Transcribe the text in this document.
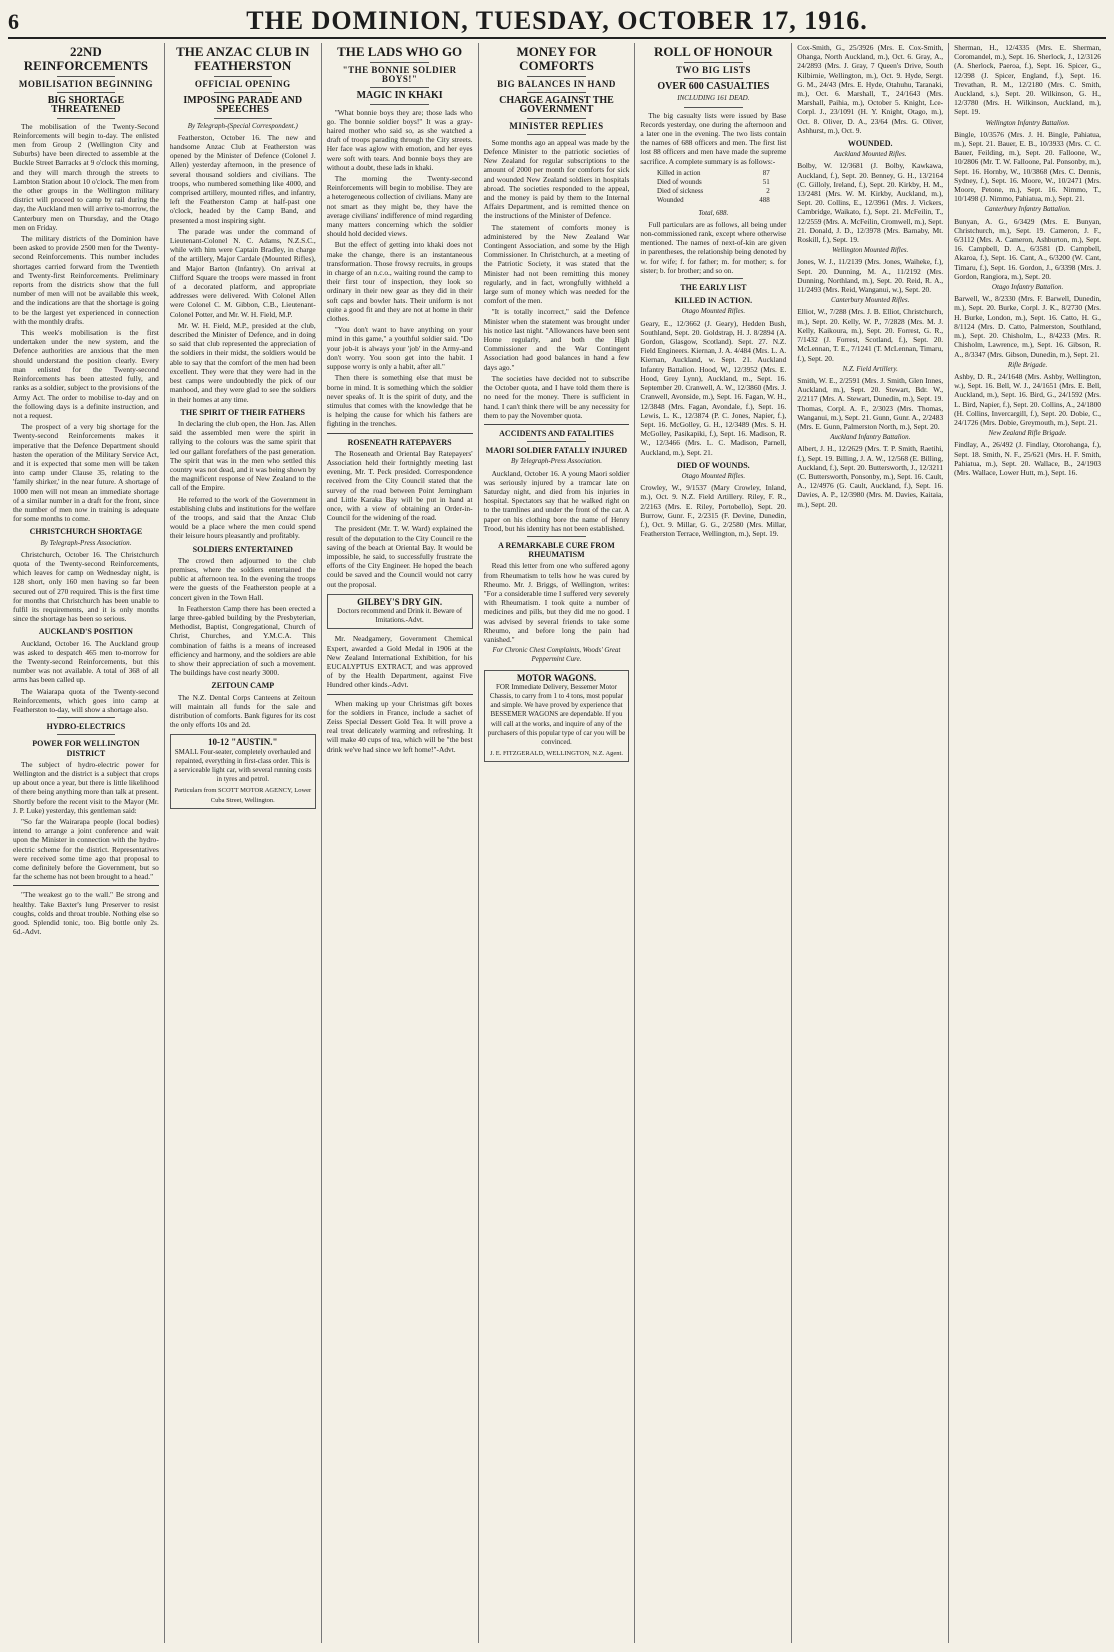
6	THE DOMINION, TUESDAY, OCTOBER 17, 1916.
22ND REINFORCEMENTS
MOBILISATION BEGINNING
BIG SHORTAGE THREATENED

The mobilisation of the Twenty-Second Reinforcements will begin to-day. The enlisted men from Group 2 (Wellington City and Suburbs) have been directed to assemble at the Buckle Street Barracks at 9 o'clock this morning, and they will march through the streets to Lambton Station about 10 o'clock. The men from the other groups in the Wellington military district will proceed to camp by rail during the day, the Auckland men will arrive to-morrow, the Canterbury men on Thursday, and the Otago men on Friday.

The military districts of the Dominion have been asked to provide 2500 men for the Twenty-second Reinforcements. This number includes shortages carried forward from the Twentieth and Twenty-first Reinforcements. Preliminary reports from the districts show that the full number of men will not be available this week, and the indications are that the shortage is going to be the largest yet experienced in connection with the monthly drafts.

This week's mobilisation is the first undertaken under the new system, and the Defence authorities are anxious that the men should understand the position clearly. Every man enlisted for the Twenty-second Reinforcements has been attested fully, and ranks as a soldier, subject to the provisions of the Army Act. The order to mobilise to-day and on the following days is a definite instruction, and not a request.

The prospect of a very big shortage for the Twenty-second Reinforcements makes it imperative that the Defence Department should hasten the operation of the Military Service Act, and it is expected that some men will be taken into camp under Clause 35, relating to the 'family shirker,' in the near future. A shortage of 1000 men will not mean an immediate shortage of a similar number in a draft for the front, since the number of men now in training is adequate for some months to come.

CHRISTCHURCH SHORTAGE
By Telegraph-Press Association.

Christchurch, October 16. The Christchurch quota of the Twenty-second Reinforcements, which leaves for camp on Wednesday night, is 128 short, only 160 men having so far been secured out of 270 required. This is the first time for months that Christchurch has been unable to fulfil its requirements, and it is only months since the shortage has been so serious.

AUCKLAND'S POSITION

Auckland, October 16. The Auckland group was asked to despatch 465 men to-morrow for the Twenty-second Reinforcements, but this number was not available. A total of 368 of all arms has been called up.

The Waiarapa quota of the Twenty-second Reinforcements, which goes into camp at Featherston to-day, will show a shortage also.

HYDRO-ELECTRICS
POWER FOR WELLINGTON DISTRICT

The subject of hydro-electric power for Wellington and the district is a subject that crops up about once a year, but there is little likelihood of there being anything more than talk at present. Shortly before the recent visit to the Mayor (Mr. J. P. Luke) yesterday, this gentleman said:

"So far the Wairarapa people (local bodies) intend to arrange a joint conference and wait upon the Minister in connection with the hydro-electric scheme for the district. Representatives were received some time ago that proposal to come definitely before the Government, but so far the scheme has not been brought to a head."

"The weakest go to the wall." Be strong and healthy. Take Baxter's lung Preserver to resist coughs, colds and throat trouble. Nothing else so good. Splendid tonic, too. Big bottle only 2s. 6d.-Advt.

THE ANZAC CLUB IN FEATHERSTON
OFFICIAL OPENING
IMPOSING PARADE AND SPEECHES
By Telegraph-(Special Correspondent.)

Featherston, October 16. The new and handsome Anzac Club at Featherston was opened by the Minister of Defence (Colonel J. Allen) yesterday afternoon, in the presence of several thousand soldiers and civilians. The troops, who numbered something like 4000, and comprised artillery, mounted rifles, and infantry, left the Featherston Camp at half-past one o'clock, headed by the Camp Band, and presented a most inspiring sight.

The parade was under the command of Lieutenant-Colonel N. C. Adams, N.Z.S.C., while with him were Captain Bradley, in charge of the artillery, Major Cardale (Mounted Rifles), and Major Barton (Infantry). On arrival at Clifford Square the troops were massed in front of a decorated platform, and appropriate addresses were delivered. With Colonel Allen were Colonel C. M. Gibbon, C.B., Lieutenant-Colonel Potter, and Mr. W. H. Field, M.P.

Mr. W. H. Field, M.P., presided at the club, described the Minister of Defence, and in doing so said that club represented the appreciation of the soldiers in their midst, the soldiers would be able to say that the comfort of the men had been excellent. They were that they were had in the best camps were undoubtedly the pick of our manhood, and they were glad to see the soldiers in their homes at any time.

THE SPIRIT OF THEIR FATHERS

In declaring the club open, the Hon. Jas. Allen said the assembled men were the spirit in rallying to the colours was the same spirit that led our gallant forefathers of the past generation. The spirit that was in the men who settled this country was not dead, and it was being shown by the magnificent response of New Zealand to the call of the Empire.

He referred to the work of the Government in establishing clubs and institutions for the welfare of the troops, and said that the Anzac Club would be a place where the men could spend their leisure hours pleasantly and profitably.

SOLDIERS ENTERTAINED

The crowd then adjourned to the club premises, where the soldiers entertained the public at afternoon tea. In the evening the troops were the guests of the Featherston people at a concert given in the Town Hall.

In Featherston Camp there has been erected a large three-gabled building by the Presbyterian, Methodist, Baptist, Congregational, Church of Christ, Churches, and Y.M.C.A. This combination of faiths is a means of increased efficiency and harmony, and the soldiers are able to show their appreciation of such a movement. The buildings have cost nearly 3000.

ZEITOUN CAMP

The N.Z. Dental Corps Canteens at Zeitoun will maintain all funds for the sale and distribution of comforts. Bank figures for its cost the only efforts 10s and 2d.

10-12 "AUSTIN."
SMALL Four-seater, completely overhauled and repainted, everything in first-class order. This is a serviceable light car, with several running costs in tyres and petrol.
Particulars from SCOTT MOTOR AGENCY, Lower Cuba Street, Wellington.
THE LADS WHO GO
"THE BONNIE SOLDIER BOYS!"
MAGIC IN KHAKI

"What bonnie boys they are; those lads who go. The bonnie soldier boys!" It was a gray-haired mother who said so, as she watched a draft of troops parading through the City streets. Her face was aglow with emotion, and her eyes were soft with tears. And bonnie boys they are without a doubt, these lads in khaki.

The morning the Twenty-second Reinforcements will begin to mobilise. They are a heterogeneous collection of civilians. Many are not smart as they might be, they have the average civilians' indifference of mind regarding many matters concerning which the soldier should hold decided views.

But the effect of getting into khaki does not make the change, there is an instantaneous transformation. Those frowsy recruits, in groups in charge of an n.c.o., waiting round the camp to their first tour of inspection, they look so ordinary in their new gear as they did in their soft caps and bowler hats. Their uniform is not quite a good fit and they are not at home in their clothes.

"You don't want to have anything on your mind in this game," a youthful soldier said. "Do your job-it is always your 'job' in the Army-and don't worry. You soon get into the habit. I suppose worry is only a habit, after all."

Then there is something else that must be borne in mind. It is something which the soldier never speaks of. It is the spirit of duty, and the stimulus that comes with the knowledge that he is helping the cause for which his fathers are fighting in the trenches.

ROSENEATH RATEPAYERS

The Roseneath and Oriental Bay Ratepayers' Association held their fortnightly meeting last evening, Mr. T. Peck presided. Correspondence received from the City Council stated that the survey of the road between Point Jerningham and Little Karaka Bay will be put in hand at once, with a view of obtaining an Order-in-Council for the widening of the road.

The president (Mr. T. W. Ward) explained the result of the deputation to the City Council re the saving of the beach at Oriental Bay. It would be impossible, he said, to successfully frustrate the efforts of the City Engineer. He hoped the beach could be saved and the Council would not carry out the proposal.

GILBEY'S DRY GIN.
Doctors recommend and Drink it. Beware of Imitations.-Advt.

Mr. Neadgamery, Government Chemical Expert, awarded a Gold Medal in 1906 at the New Zealand International Exhibition, for his EUCALYPTUS EXTRACT, and was approved of by the Health Department, against Five Hundred other kinds.-Advt.

When making up your Christmas gift boxes for the soldiers in France, include a sachet of Zeiss Special Dessert Gold Tea. It will prove a real treat delicately warming and refreshing. It will make 40 cups of tea, which will be "the best drink we've had since we left home!"-Advt.

MONEY FOR COMFORTS
BIG BALANCES IN HAND
CHARGE AGAINST THE GOVERNMENT
MINISTER REPLIES

Some months ago an appeal was made by the Defence Minister to the patriotic societies of New Zealand for regular subscriptions to the amount of 2000 per month for comforts for sick and wounded New Zealand soldiers in hospitals abroad. The societies responded to the appeal, and the money is paid by them to the Internal Affairs Department, and is remitted thence on the instructions of the Minister of Defence.

The statement of comforts money is administered by the New Zealand War Contingent Association, and some by the High Commissioner. In Christchurch, at a meeting of the Patriotic Society, it was stated that the Minister had not been remitting this money regularly, and in fact, wrongfully withheld a large sum of money which was needed for the comfort of the men.

"It is totally incorrect," said the Defence Minister when the statement was brought under his notice last night. "Allowances have been sent Home regularly, and both the High Commissioner and the War Contingent Association had good balances in hand a few days ago."

The societies have decided not to subscribe the October quota, and I have told them there is no need for the money. There is sufficient in hand. I can't think there will be any necessity for them to pay the November quota.

ACCIDENTS AND FATALITIES
MAORI SOLDIER FATALLY INJURED
By Telegraph-Press Association.

Auckland, October 16. A young Maori soldier was seriously injured by a tramcar late on Saturday night, and died from his injuries in hospital. Spectators say that he walked right on to the tramlines and under the front of the car. A paper on his clothing bore the name of Henry Trood, but his identity has not been established.

A REMARKABLE CURE FROM RHEUMATISM

Read this letter from one who suffered agony from Rheumatism to tells how he was cured by Rheumo. Mr. J. Briggs, of Wellington, writes: "For a considerable time I suffered very severely with Rheumatism. I took quite a number of medicines and pills, but they did me no good. I was advised by several friends to take some Rheumo, and before long the pain had vanished."

For Chronic Chest Complaints, Woods' Great Peppermint Cure.
MOTOR WAGONS.
FOR Immediate Delivery, Bessemer Motor Chassis, to carry from 1 to 4 tons, most popular and simple. We have proved by experience that BESSEMER WAGONS are dependable. If you will call at the works, and inquire of any of the purchasers of this popular type of car you will be convinced.
J. E. FITZGERALD, WELLINGTON, N.Z. Agent.
ROLL OF HONOUR
TWO BIG LISTS
OVER 600 CASUALTIES
INCLUDING 161 DEAD.

The big casualty lists were issued by Base Records yesterday, one during the afternoon and a later one in the evening. The two lists contain the names of 688 officers and men. The first list lost 88 officers and men have made the supreme sacrifice. A complete summary is as follows:-

Killed in action	87
Died of wounds	51
Died of sickness	2
Wounded	488
Total, 688.

Full particulars are as follows, all being under non-commissioned rank, except where otherwise mentioned. The names of next-of-kin are given in parentheses, the relationship being denoted by w. for wife; f. for father; m. for mother; s. for sister; b. for brother; and so on.

THE EARLY LIST
KILLED IN ACTION.
Otago Mounted Rifles.

Geary, E., 12/3662 (J. Geary), Hedden Bush, Southland, Sept. 20. Goldstrap, H. J. 8/2894 (A. Gordon, Glasgow, Scotland). Sept. 27. N.Z. Field Engineers. Kiernan, J. A. 4/484 (Mrs. L. A. Kiernan, Auckland, w. Sept. 21. Auckland Infantry Battalion. Hood, W., 12/3952 (Mrs. E. Hood, Grey Lynn), Auckland, m., Sept. 16. September 20. Cranwell, A. W., 12/3860 (Mrs. J. Cranwell, Avonside, m.), Sept. 16. Fagan, W. H., 12/3848 (Mrs. Fagan, Avondale, f.), Sept. 16. Lewis, L. K., 12/3874 (P. C. Jones, Napier, f.), Sept. 16. McGolley, G. H., 12/3489 (Mrs. S. H. McGolley, Pasikapiki, f.), Sept. 16. Madison, R. W., 12/3466 (Mrs. L. C. Madison, Parnell, Auckland, m.), Sept. 21.

DIED OF WOUNDS.
Otago Mounted Rifles.

Crowley, W., 9/1537 (Mary Crowley, Inland, m.), Oct. 9. N.Z. Field Artillery. Riley, F. R., 2/2163 (Mrs. E. Riley, Portobello), Sept. 20. Burrow, Gunr. F., 2/2315 (F. Devine, Dunedin, f.), Oct. 9. Millar, G. G., 2/2580 (Mrs. Millar, Featherston Terrace, Wellington, m.), Sept. 19.

Cox-Smith, G., 25/3926 (Mrs. E. Cox-Smith, Ohanga, North Auckland, m.), Oct. 6. Gray, A., 24/2893 (Mrs. J. Gray, 7 Queen's Drive, South Kilbirnie, Wellington, m.), Oct. 9. Hyde, Sergt. G. M., 24/43 (Mrs. E. Hyde, Otahuhu, Taranaki, m.), Oct. 6. Marshall, T., 24/1643 (Mrs. Marshall, Paihia, m.), October 5. Knight, Lce-Corpl. J., 23/1091 (H. Y. Knight, Otago, m.), Oct. 8. Oliver, D. A., 23/64 (Mrs. G. Oliver, Ashhurst, m.), Oct. 9.

WOUNDED.
Auckland Mounted Rifles.

Bolby, W. 12/3681 (J. Bolby, Kawkawa, Auckland, f.), Sept. 20. Benney, G. H., 13/2164 (C. Gilloly, Ireland, f.), Sept. 20. Kirkby, H. M., 13/2481 (Mrs. W. M. Kirkby, Auckland, m.), Sept. 20. Collins, E., 12/3961 (Mrs. J. Vickers, Cambridge, Waikato, f.), Sept. 21. McFeilin, T., 12/2559 (Mrs. A. McFeilin, Cromwell, m.), Sept. 21. Donald, J. D., 12/3978 (Mrs. Barnaby, Mt. Roskill, f.), Sept. 19.

Wellington Mounted Rifles.

Jones, W. J., 11/2139 (Mrs. Jones, Waiheke, f.), Sept. 20. Dunning, M. A., 11/2192 (Mrs. Dunning, Northland, m.), Sept. 20. Reid, R. A., 11/2493 (Mrs. Reid, Wanganui, w.), Sept. 20.

Canterbury Mounted Rifles.

Elliot, W., 7/288 (Mrs. J. B. Elliot, Christchurch, m.), Sept. 20. Kelly, W. P., 7/2828 (Mrs. M. J. Kelly, Kaikoura, m.), Sept. 20. Forrest, G. R., 7/1432 (J. Forrest, Scotland, f.), Sept. 20. McLennan, T. E., 7/1241 (T. McLennan, Timaru, f.), Sept. 20.

N.Z. Field Artillery.

Smith, W. E., 2/2591 (Mrs. J. Smith, Glen Innes, Auckland, m.), Sept. 20. Stewart, Bdr. W., 2/2117 (Mrs. A. Stewart, Dunedin, m.), Sept. 19. Thomas, Corpl. A. F., 2/3023 (Mrs. Thomas, Wanganui, m.), Sept. 21. Gunn, Gunr. A., 2/2483 (Mrs. E. Gunn, Palmerston North, m.), Sept. 20.

Auckland Infantry Battalion.

Albert, J. H., 12/2629 (Mrs. T. P. Smith, Raetihi, f.), Sept. 19. Billing, J. A. W., 12/568 (E. Billing, Auckland, f.), Sept. 20. Buttersworth, J., 12/3211 (C. Buttersworth, Ponsonby, m.), Sept. 16. Cault, A., 12/4976 (G. Cault, Auckland, f.), Sept. 16. Davies, A. P., 12/3980 (Mrs. M. Davies, Kaitaia, m.), Sept. 20.

Sherman, H., 12/4335 (Mrs. E. Sherman, Coromandel, m.), Sept. 16. Sherlock, J., 12/3126 (A. Sherlock, Paeroa, f.), Sept. 16. Spicer, G., 12/398 (J. Spicer, England, f.), Sept. 16. Trevathan, R. M., 12/2180 (Mrs. C. Smith, Auckland, s.), Sept. 20. Wilkinson, G. H., 12/3780 (Mrs. H. Wilkinson, Auckland, m.), Sept. 19.

Wellington Infantry Battalion.

Bingle, 10/3576 (Mrs. J. H. Bingle, Pahiatua, m.), Sept. 21. Bauer, E. B., 10/3933 (Mrs. C. C. Bauer, Feilding, m.), Sept. 20. Falloone, W., 10/2806 (Mr. T. W. Falloone, Pal. Ponsonby, m.), Sept. 16. Hornby, W., 10/3868 (Mrs. C. Dennis, Sydney, f.), Sept. 16. Moore, W., 10/2471 (Mrs. Moore, Petone, m.), Sept. 16. Nimmo, T., 10/1498 (J. Nimmo, Pahiatua, m.), Sept. 21.

Canterbury Infantry Battalion.

Bunyan, A. G., 6/3429 (Mrs. E. Bunyan, Christchurch, m.), Sept. 19. Cameron, J. F., 6/3112 (Mrs. A. Cameron, Ashburton, m.), Sept. 16. Campbell, D. A., 6/3581 (D. Campbell, Akaroa, f.), Sept. 16. Cant, A., 6/3200 (W. Cant, Timaru, f.), Sept. 16. Gordon, J., 6/3398 (Mrs. J. Gordon, Rangiora, m.), Sept. 20.

Otago Infantry Battalion.

Barwell, W., 8/2330 (Mrs. F. Barwell, Dunedin, m.), Sept. 20. Burke, Corpl. J. K., 8/2730 (Mrs. H. Burke, London, m.), Sept. 16. Catto, H. G., 8/1124 (Mrs. D. Catto, Palmerston, Southland, m.), Sept. 20. Chisholm, L., 8/4233 (Mrs. R. Chisholm, Lawrence, m.), Sept. 16. Gibson, R. A., 8/3347 (Mrs. Gibson, Dunedin, m.), Sept. 21.

Rifle Brigade.

Ashby, D. R., 24/1648 (Mrs. Ashby, Wellington, w.), Sept. 16. Bell, W. J., 24/1651 (Mrs. E. Bell, Auckland, m.), Sept. 16. Bird, G., 24/1592 (Mrs. L. Bird, Napier, f.), Sept. 20. Collins, A., 24/1800 (H. Collins, Invercargill, f.), Sept. 20. Dobie, C., 24/1726 (Mrs. Dobie, Greymouth, m.), Sept. 21.

New Zealand Rifle Brigade.

Findlay, A., 26/492 (J. Findlay, Otorohanga, f.), Sept. 18. Smith, N. F., 25/621 (Mrs. H. F. Smith, Pahiatua, m.), Sept. 20. Wallace, B., 24/1903 (Mrs. Wallace, Lower Hutt, m.), Sept. 16.
